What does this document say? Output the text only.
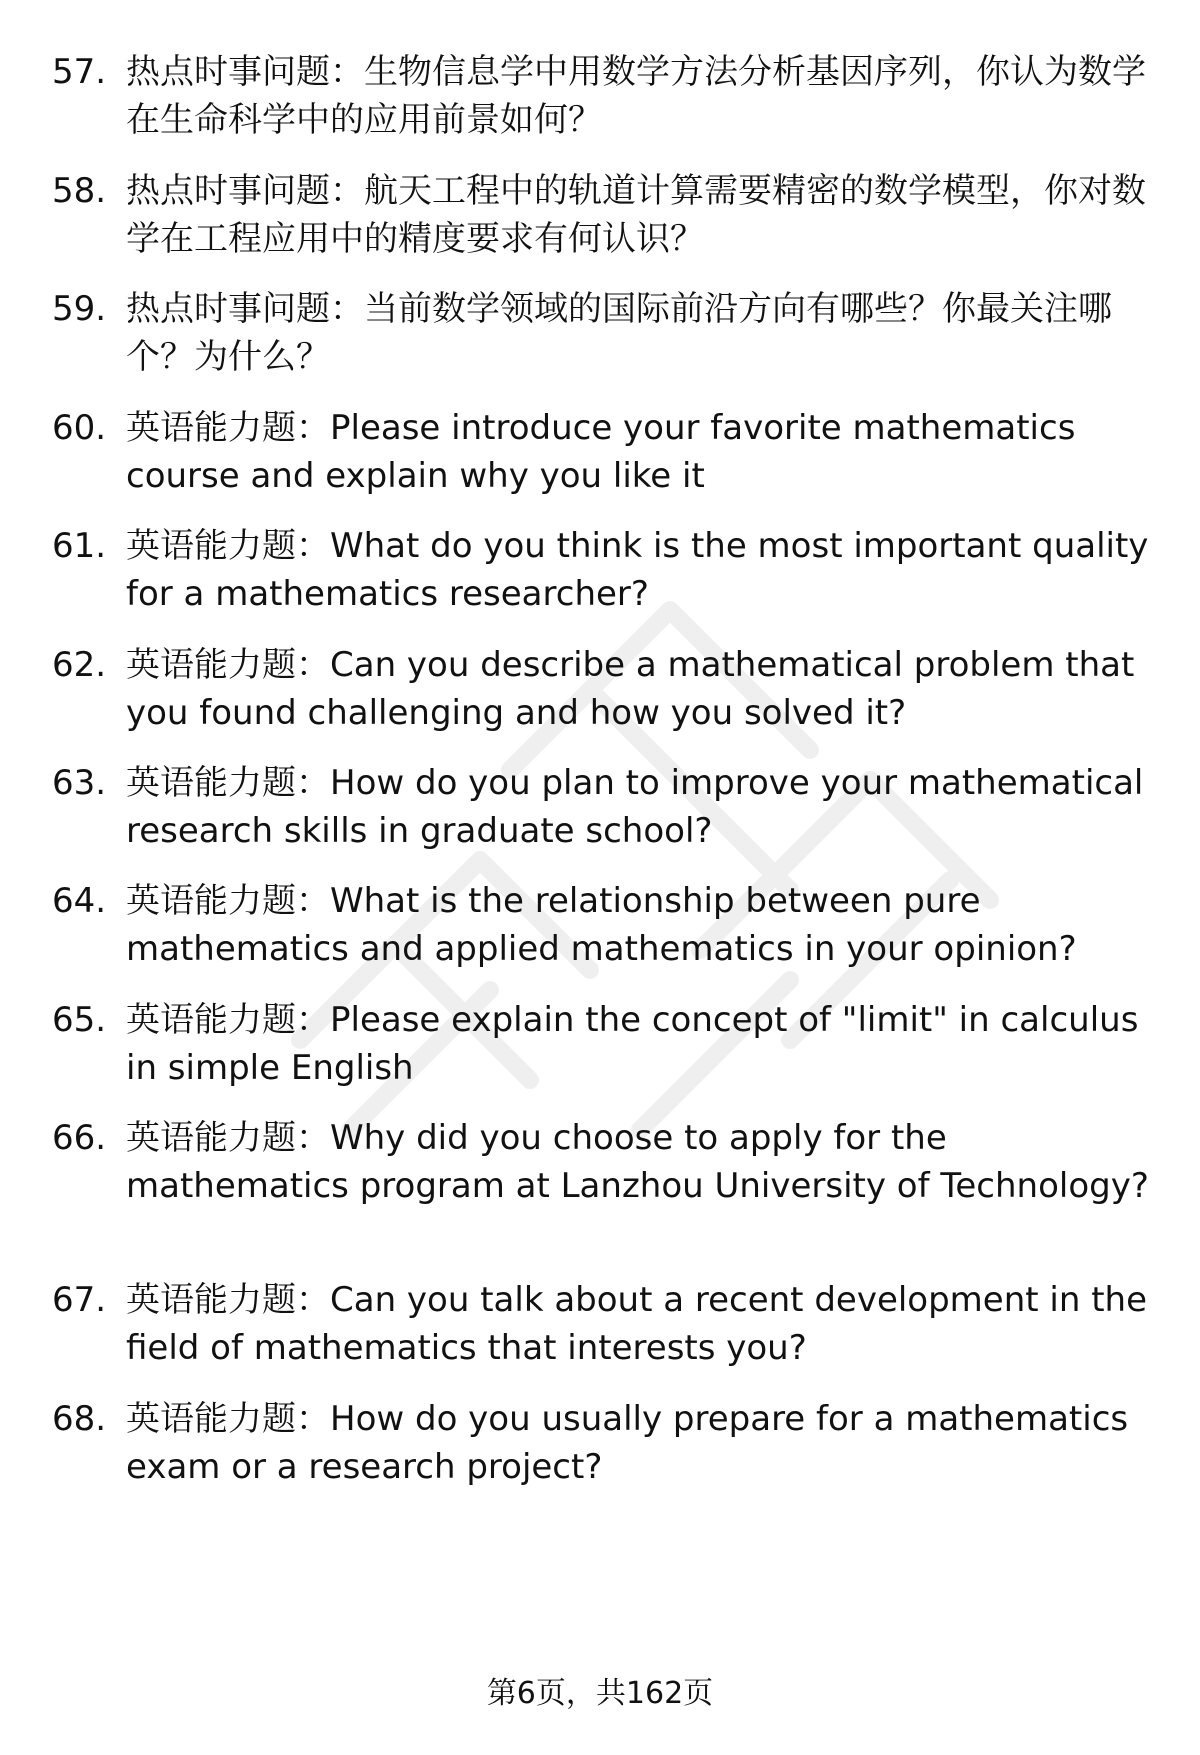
57. 热点时事问题：生物信息学中用数学方法分析基因序列，你认为数学在生命科学中的应用前景如何？
58. 热点时事问题：航天工程中的轨道计算需要精密的数学模型，你对数学在工程应用中的精度要求有何认识？
59. 热点时事问题：当前数学领域的国际前沿方向有哪些？你最关注哪个？为什么？
60. 英语能力题：Please introduce your favorite mathematics course and explain why you like it
61. 英语能力题：What do you think is the most important quality for a mathematics researcher?
62. 英语能力题：Can you describe a mathematical problem that you found challenging and how you solved it?
63. 英语能力题：How do you plan to improve your mathematical research skills in graduate school?
64. 英语能力题：What is the relationship between pure mathematics and applied mathematics in your opinion?
65. 英语能力题：Please explain the concept of "limit" in calculus in simple English
66. 英语能力题：Why did you choose to apply for the mathematics program at Lanzhou University of Technology?
67. 英语能力题：Can you talk about a recent development in the field of mathematics that interests you?
68. 英语能力题：How do you usually prepare for a mathematics exam or a research project?
第6页，共162页
